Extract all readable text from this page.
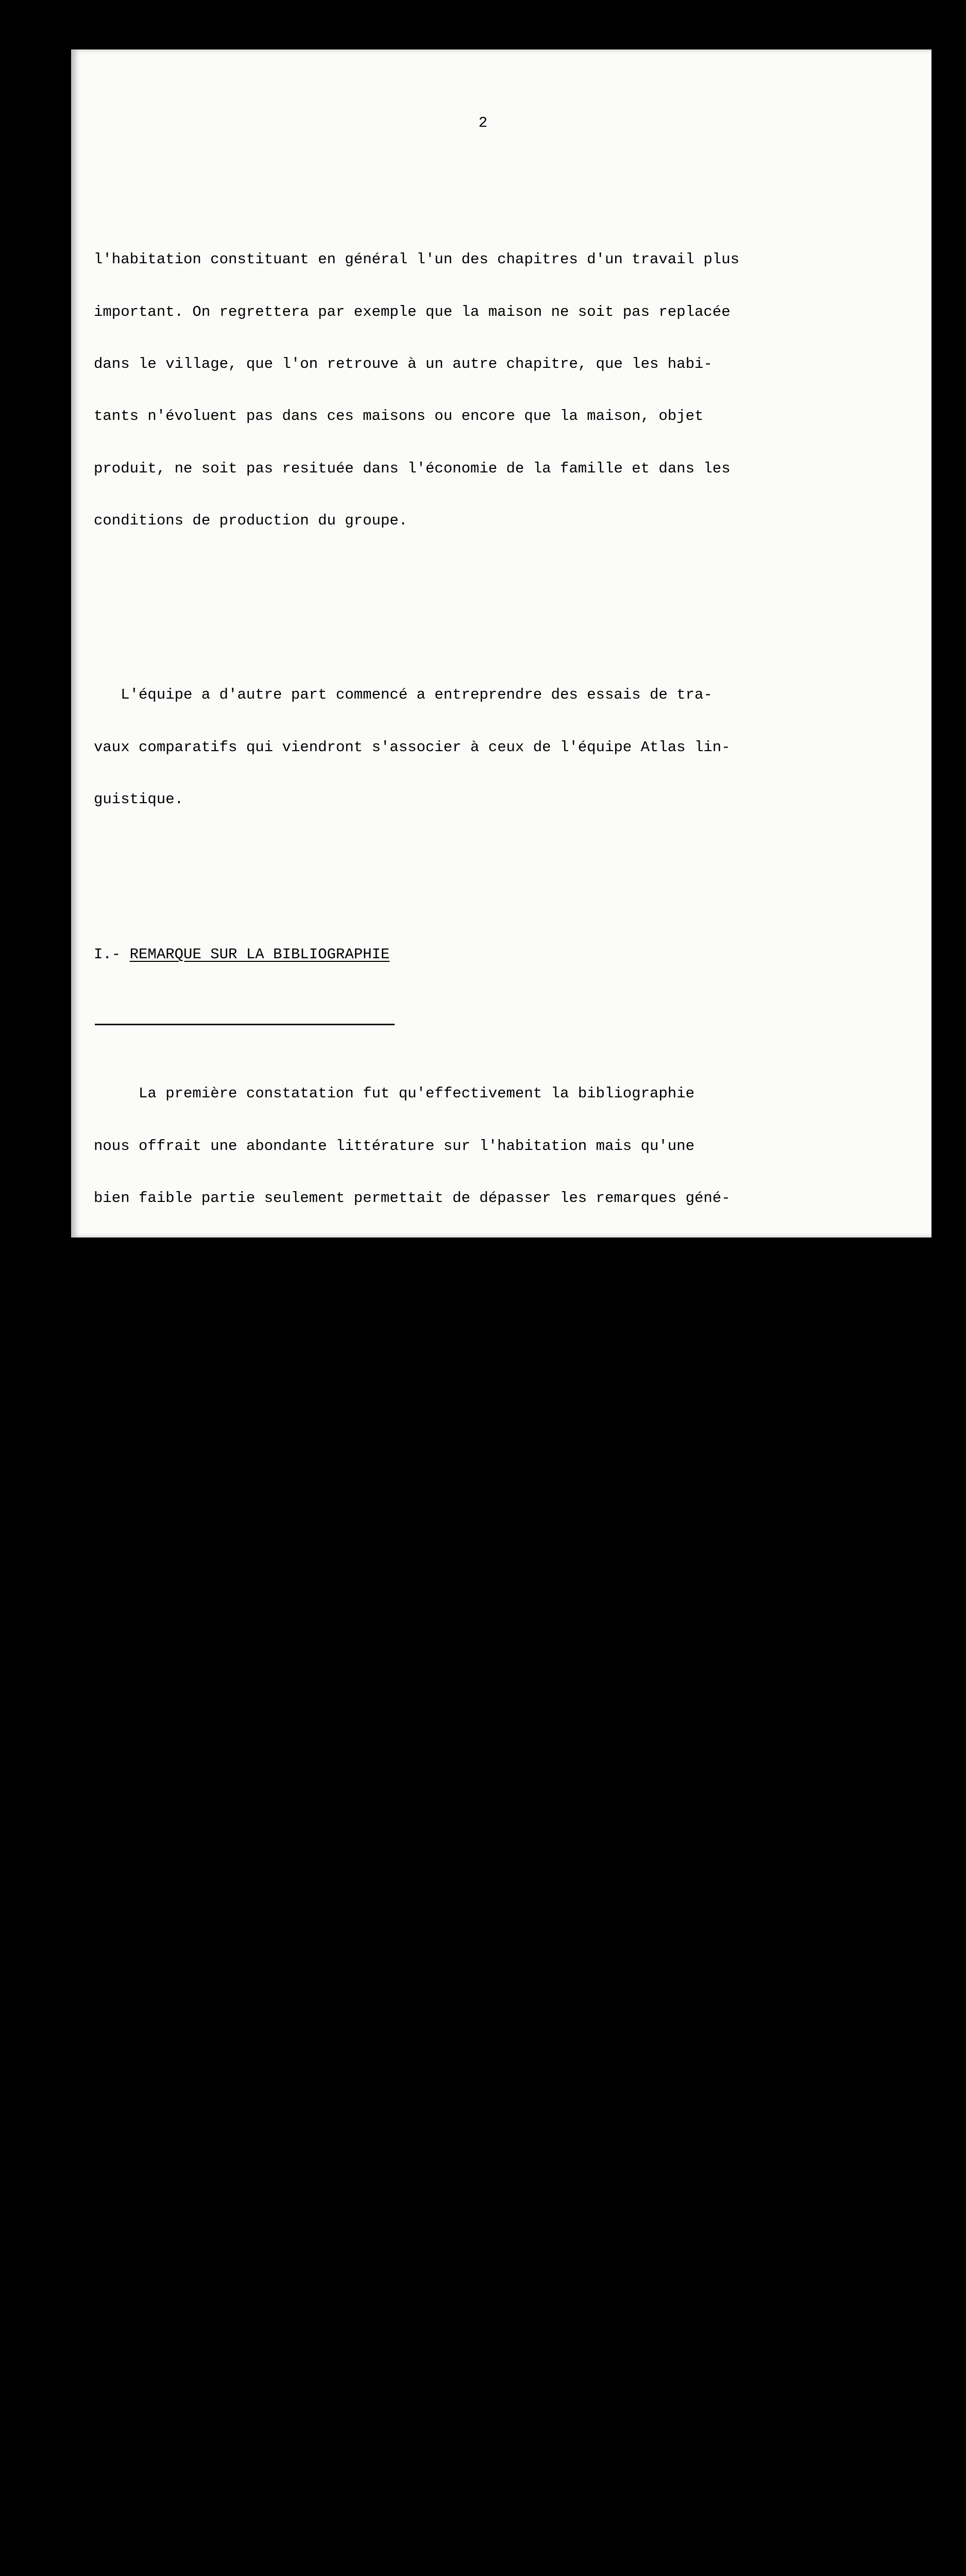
2

l'habitation constituant en général l'un des chapitres d'un travail plus

important. On regrettera par exemple que la maison ne soit pas replacée

dans le village, que l'on retrouve à un autre chapitre, que les habi-

tants n'évoluent pas dans ces maisons ou encore que la maison, objet

produit, ne soit pas resituée dans l'économie de la famille et dans les

conditions de production du groupe.

L'équipe a d'autre part commencé a entreprendre des essais de tra-

vaux comparatifs qui viendront s'associer à ceux de l'équipe Atlas lin-

guistique.

I.- REMARQUE SUR LA BIBLIOGRAPHIE

La première constatation fut qu'effectivement la bibliographie

nous offrait une abondante littérature sur l'habitation mais qu'une

bien faible partie seulement permettait de dépasser les remarques géné-

rales sur le fait que la maison soit au sol ou à plancher surélevé,

sur pilotis, pour un ménage ou pour plusieurs, à grenier intégré ou

indépendant... Bien sûr, il pourra être intéressant de disposer de car-

tes pouvant illustrer ces distinctions, mais ces informations ne permet-

tent guère d'aller beaucoup plus loin. Les limites du travail de M.

Nguyen Van Huyen (3)  avaient été celles de sa documentation et l'auteur

ne pouvait retenir que quelques aspects communs très généraux pour

l'habitation sur pilotis :

"1. Il y a dans presque toutes ces maisons une chambre ou une place

commune... lieu de réunion et de travail...

2. Le plancher, l'espace habité par l'homme est surélevé. On y ac-

cède par une échelle :

3. Ce plancher sert de lit pour dormir ou pour s'asseoir. Le ta-

bouret et le lit de camp constituent de très rares exceptions.

4. Le foyer est un trou pratiqué dans le plancher, ou un cadre de

bois qui y est fixé...

5. Hommes, bêtes, richesses, récoltes, tout est sous le même toit

(quant aux) exceptions, elles sont très rares" (4).

La comparaison à une telle échelle ne pouvait d'autre part s'envisager

au début de notre travail, il nous fallait aller de proche en proche,

de l'ethnie à ses voisines, par familles linguistiques ou par aires
